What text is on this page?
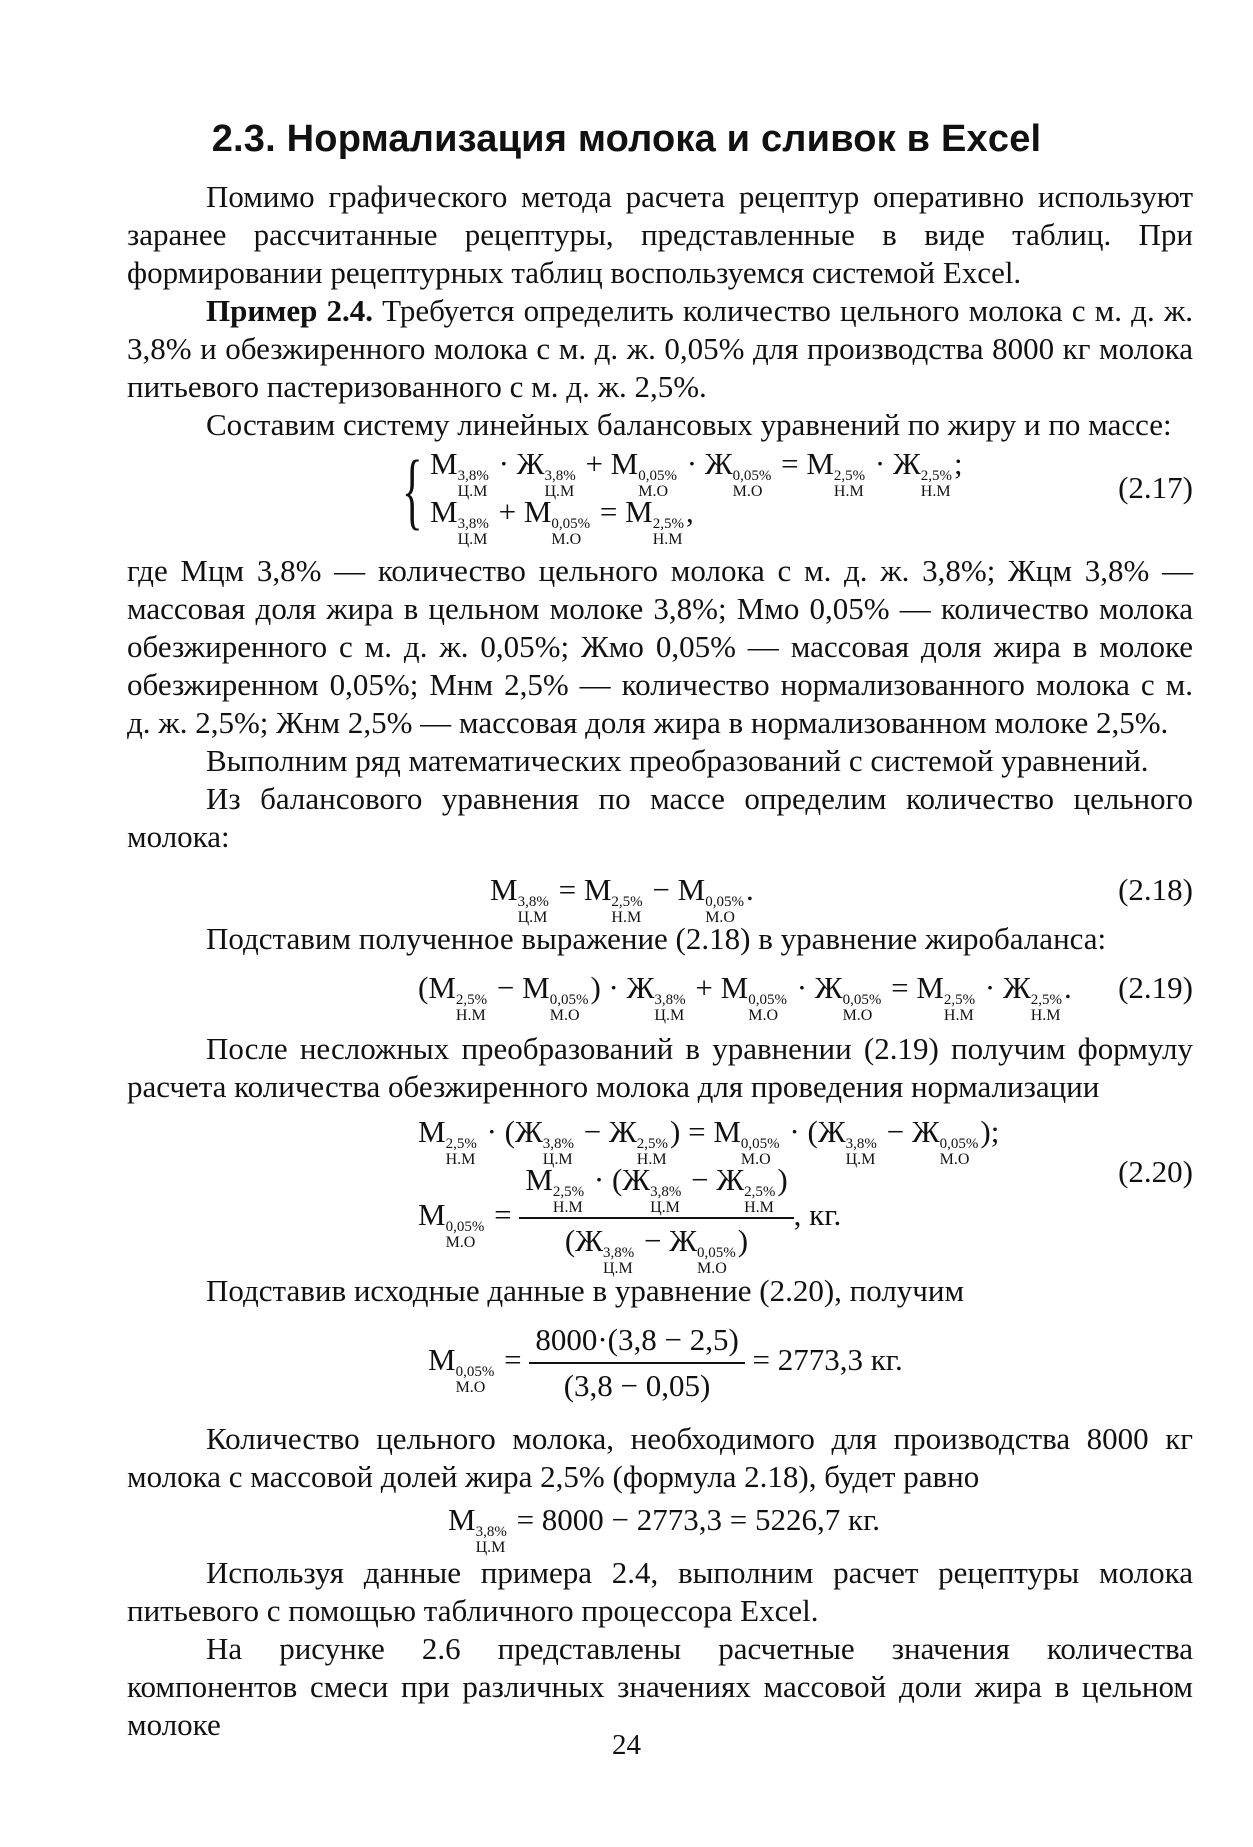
2.3. Нормализация молока и сливок в Excel

Помимо графического метода расчета рецептур оперативно используют заранее рассчитанные рецептуры, представленные в виде таблиц. При формировании рецептурных таблиц воспользуемся системой Excel.

Пример 2.4. Требуется определить количество цельного молока с м. д. ж. 3,8% и обезжиренного молока с м. д. ж. 0,05% для производства 8000 кг молока питьевого пастеризованного с м. д. ж. 2,5%.

Составим систему линейных балансовых уравнений по жиру и по массе:

{ M 3,8%
Ц.М
· Ж 3,8%
Ц.М
+ M 0,05%
М.О
· Ж 0,05%
М.О
= M 2,5%
Н.М
· Ж 2,5%
Н.М
;
M 3,8%
Ц.М
+ M 0,05%
М.О
= M 2,5%
Н.М
,
(2.17)

где Mцм 3,8% — количество цельного молока с м. д. ж. 3,8%; Жцм 3,8% — массовая доля жира в цельном молоке 3,8%; Mмо 0,05% — количество молока обезжиренного с м. д. ж. 0,05%; Жмо 0,05% — массовая доля жира в молоке обезжиренном 0,05%; Mнм 2,5% — количество нормализованного молока с м. д. ж. 2,5%; Жнм 2,5% — массовая доля жира в нормализованном молоке 2,5%.

Выполним ряд математических преобразований с системой уравнений.

Из балансового уравнения по массе определим количество цельного молока:

M 3,8%
Ц.М
= M 2,5%
Н.М
− M 0,05%
М.О
.	(2.18)

Подставим полученное выражение (2.18) в уравнение жиробаланса:

(M 2,5%
Н.М
− M 0,05%
М.О
) · Ж 3,8%
Ц.М
+ M 0,05%
М.О
· Ж 0,05%
М.О
= M 2,5%
Н.М
· Ж 2,5%
Н.М
. (2.19)

После несложных преобразований в уравнении (2.19) получим формулу расчета количества обезжиренного молока для проведения нормализации

M 2,5%
Н.М
· (Ж 3,8%
Ц.М
− Ж 2,5%
Н.М
) = M 0,05%
М.О
· (Ж 3,8%
Ц.М
− Ж 0,05%
М.О
);
M 0,05%
М.О
= M 2,5%
Н.М
· (Ж 3,8%
Ц.М
− Ж 2,5%
Н.М
)
(Ж 3,8%
Ц.М
− Ж 0,05%
М.О
) , кг.
(2.20)

Подставив исходные данные в уравнение (2.20), получим

M 0,05%
М.О
= $\frac{8000\cdot(3,8 - 2,5)}{(3,8 - 0,05)} = 2773,3$ кг.

Количество цельного молока, необходимого для производства 8000 кг молока с массовой долей жира 2,5% (формула 2.18), будет равно

M 3,8%
Ц.М
= 8000 − 2773,3 = 5226,7 кг.

Используя данные примера 2.4, выполним расчет рецептуры молока питьевого с помощью табличного процессора Excel.

На рисунке 2.6 представлены расчетные значения количества компонентов смеси при различных значениях массовой доли жира в цельном молоке

24
